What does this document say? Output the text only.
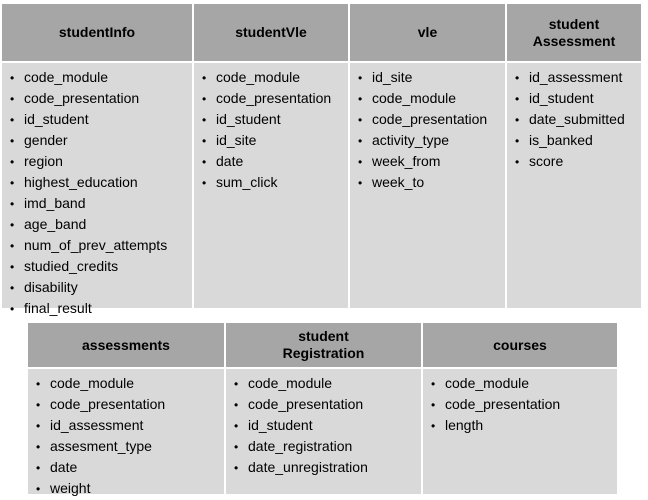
studentInfo
• code_module
• code_presentation
• id_student
• gender
• region
• highest_education
• imd_band
• age_band
• num_of_prev_attempts
• studied_credits
• disability
• final_result
studentVle
• code_module
• code_presentation
• id_student
• id_site
• date
• sum_click
vle
• id_site
• code_module
• code_presentation
• activity_type
• week_from
• week_to
student
Assessment
• id_assessment
• id_student
• date_submitted
• is_banked
• score
assessments
• code_module
• code_presentation
• id_assessment
• assesment_type
• date
• weight
student
Registration
• code_module
• code_presentation
• id_student
• date_registration
• date_unregistration
courses
• code_module
• code_presentation
• length
